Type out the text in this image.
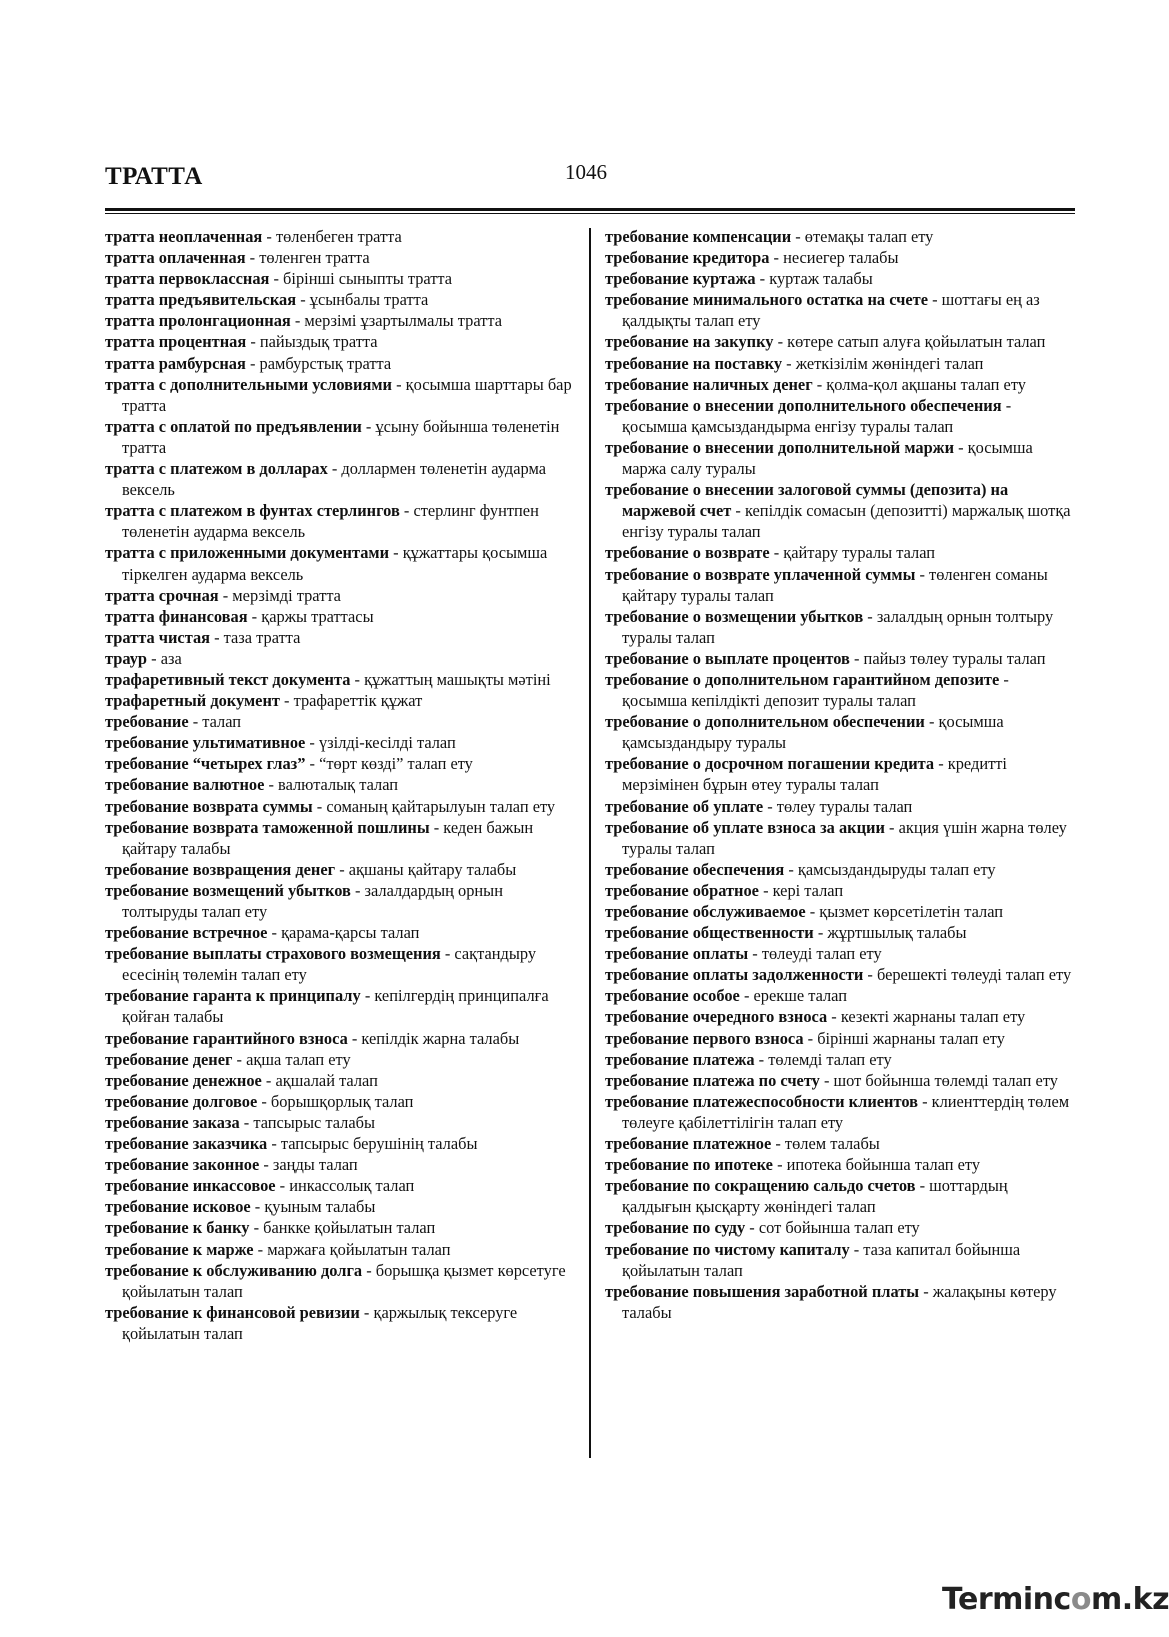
ТРАТТА	1046

тратта неоплаченная - төленбеген тратта

тратта оплаченная - төленген тратта

тратта первоклассная - бірінші сыныпты тратта

тратта предъявительская - ұсынбалы тратта

тратта пролонгационная - мерзімі ұзартылмалы тратта

тратта процентная - пайыздық тратта

тратта рамбурсная - рамбурстық тратта

тратта с дополнительными условиями - қосымша шарттары бар тратта

тратта с оплатой по предъявлении - ұсыну бойынша төленетін тратта

тратта с платежом в долларах - доллармен төленетін аударма вексель

тратта с платежом в фунтах стерлингов - стерлинг фунтпен төленетін аударма вексель

тратта с приложенными документами - құжаттары қосымша тіркелген аударма вексель

тратта срочная - мерзімді тратта

тратта финансовая - қаржы траттасы

тратта чистая - таза тратта

траур - аза

трафаретивный текст документа - құжаттың машықты мәтіні

трафаретный документ - трафареттік құжат

требование - талап

требование ультимативное - үзілді-кесілді талап

требование “четырех глаз” - “төрт көзді” талап ету

требование валютное - валюталық талап

требование возврата суммы - соманың қайтарылуын талап ету

требование возврата таможенной пошлины - кеден бажын қайтару талабы

требование возвращения денег - ақшаны қайтару талабы

требование возмещений убытков - залалдардың орнын толтыруды талап ету

требование встречное - қарама-қарсы талап

требование выплаты страхового возмещения - сақтандыру есесінің төлемін талап ету

требование гаранта к принципалу - кепілгердің принципалға қойған талабы

требование гарантийного взноса - кепілдік жарна талабы

требование денег - ақша талап ету

требование денежное - ақшалай талап

требование долговое - борышқорлық талап

требование заказа - тапсырыс талабы

требование заказчика - тапсырыс берушінің талабы

требование законное - заңды талап

требование инкассовое - инкассолық талап

требование исковое - қуыным талабы

требование к банку - банкке қойылатын талап

требование к марже - маржаға қойылатын талап

требование к обслуживанию долга - борышқа қызмет көрсетуге қойылатын талап

требование к финансовой ревизии - қаржылық тексеруге қойылатын талап

требование компенсации - өтемақы талап ету

требование кредитора - несиегер талабы

требование куртажа - куртаж талабы

требование минимального остатка на счете - шоттағы ең аз қалдықты талап ету

требование на закупку - көтере сатып алуға қойылатын талап

требование на поставку - жеткізілім жөніндегі талап

требование наличных денег - қолма-қол ақшаны талап ету

требование о внесении дополнительного обеспечения - қосымша қамсыздандырма енгізу туралы талап

требование о внесении дополнительной маржи - қосымша маржа салу туралы

требование о внесении залоговой суммы (депозита) на маржевой счет - кепілдік сомасын (депозитті) маржалық шотқа енгізу туралы талап

требование о возврате - қайтару туралы талап

требование о возврате уплаченной суммы - төленген соманы қайтару туралы талап

требование о возмещении убытков - залалдың орнын толтыру туралы талап

требование о выплате процентов - пайыз төлеу туралы талап

требование о дополнительном гарантийном депозите - қосымша кепілдікті депозит туралы талап

требование о дополнительном обеспечении - қосымша қамсыздандыру туралы

требование о досрочном погашении кредита - кредитті мерзімінен бұрын өтеу туралы талап

требование об уплате - төлеу туралы талап

требование об уплате взноса за акции - акция үшін жарна төлеу туралы талап

требование обеспечения - қамсыздандыруды талап ету

требование обратное - кері талап

требование обслуживаемое - қызмет көрсетілетін талап

требование общественности - жұртшылық талабы

требование оплаты - төлеуді талап ету

требование оплаты задолженности - берешекті төлеуді талап ету

требование особое - ерекше талап

требование очередного взноса - кезекті жарнаны талап ету

требование первого взноса - бірінші жарнаны талап ету

требование платежа - төлемді талап ету

требование платежа по счету - шот бойынша төлемді талап ету

требование платежеспособности клиентов - клиенттердің төлем төлеуге қабілеттілігін талап ету

требование платежное - төлем талабы

требование по ипотеке - ипотека бойынша талап ету

требование по сокращению сальдо счетов - шоттардың қалдығын қысқарту жөніндегі талап

требование по суду - сот бойынша талап ету

требование по чистому капиталу - таза капитал бойынша қойылатын талап

требование повышения заработной платы - жалақыны көтеру талабы

Termincom.kz
